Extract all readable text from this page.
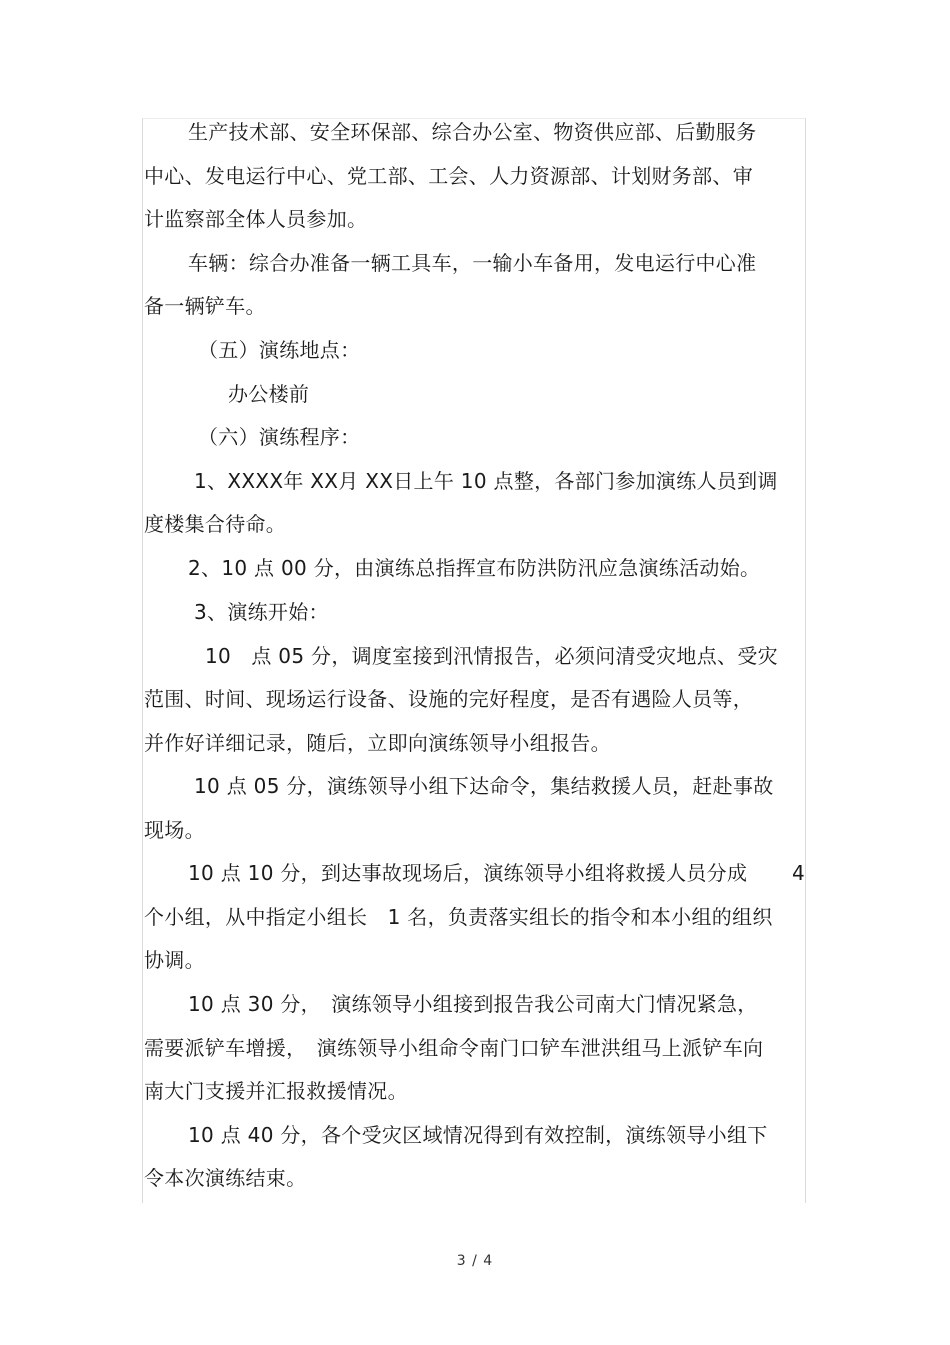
生产技术部、安全环保部、综合办公室、物资供应部、后勤服务
中心、发电运行中心、党工部、工会、人力资源部、计划财务部、审
计监察部全体人员参加。
车辆：综合办准备一辆工具车，一输小车备用，发电运行中心准
备一辆铲车。
（五）演练地点：
办公楼前
（六）演练程序：
1、XXXX年 XX月 XX日上午 10 点整，各部门参加演练人员到调
度楼集合待命。
2、10 点 00 分，由演练总指挥宣布防洪防汛应急演练活动始。
3、演练开始：
10　点 05 分，调度室接到汛情报告，必须问清受灾地点、受灾
范围、时间、现场运行设备、设施的完好程度，是否有遇险人员等，
并作好详细记录，随后，立即向演练领导小组报告。
10 点 05 分，演练领导小组下达命令，集结救援人员，赶赴事故
现场。
10 点 10 分，到达事故现场后，演练领导小组将救援人员分成 4
个小组，从中指定小组长　1 名，负责落实组长的指令和本小组的组织
协调。
10 点 30 分，　演练领导小组接到报告我公司南大门情况紧急，
需要派铲车增援，　演练领导小组命令南门口铲车泄洪组马上派铲车向
南大门支援并汇报救援情况。
10 点 40 分，各个受灾区域情况得到有效控制，演练领导小组下
令本次演练结束。
3 / 4
